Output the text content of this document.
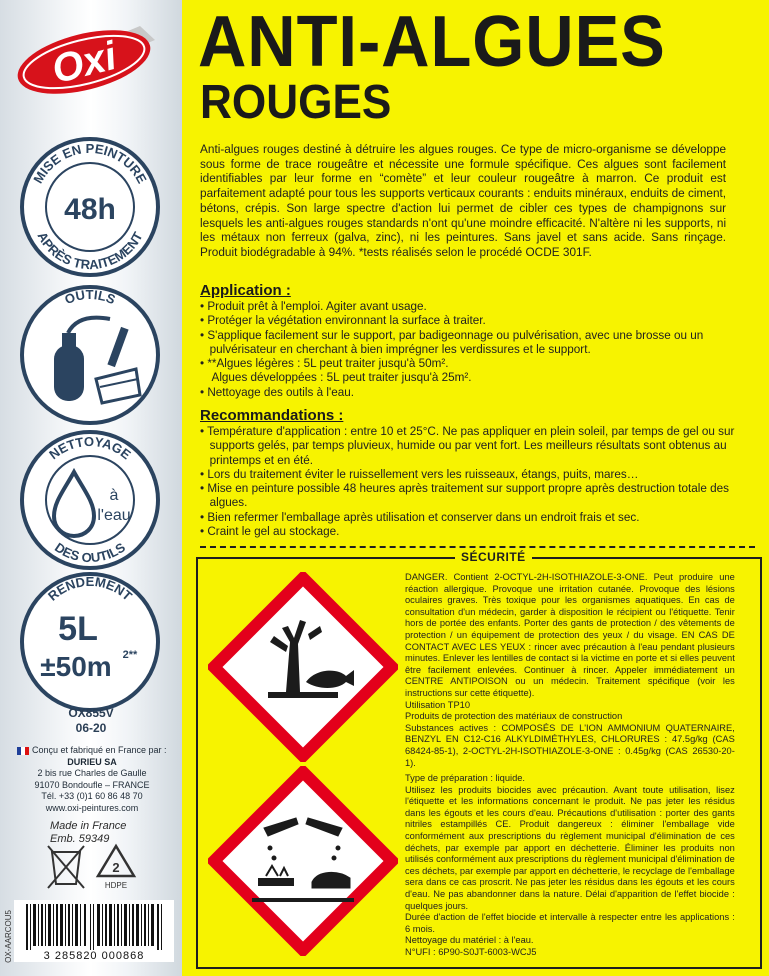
Oxi
MISE EN PEINTURE
APRÈS TRAITEMENT
48h
OUTILS
NETTOYAGE
DES OUTILS
à
l'eau
RENDEMENT
5L
±50m 2**
OX855V
06-20
Conçu et fabriqué en France par :
DURIEU SA
2 bis rue Charles de Gaulle
91070 Bondoufle – FRANCE
Tél. +33 (0)1 60 86 48 70
www.oxi-peintures.com
Made in France
Emb. 59349
2
HDPE
3 285820 000868
OX-AARCOU5
ANTI-ALGUES
ROUGES
Anti-algues rouges destiné à détruire les algues rouges. Ce type de micro-organisme se développe sous forme de trace rougeâtre et nécessite une formule spécifique. Ces algues sont facilement identifiables par leur forme en “comète” et leur couleur rougeâtre à marron. Ce produit est parfaitement adapté pour tous les supports verticaux courants : enduits minéraux, enduits de ciment, bétons, crépis. Son large spectre d'action lui permet de cibler ces types de champignons sur lesquels les anti-algues rouges standards n'ont qu'une moindre efficacité. N'altère ni les supports, ni les métaux non ferreux (galva, zinc), ni les peintures. Sans javel et sans acide. Sans rinçage. Produit biodégradable à 94%. *tests réalisés selon le procédé OCDE 301F.
Application :
• Produit prêt à l'emploi. Agiter avant usage.
• Protéger la végétation environnant la surface à traiter.
• S'applique facilement sur le support, par badigeonnage ou pulvérisation, avec une brosse ou un pulvérisateur en cherchant à bien imprégner les verdissures et le support.
• **Algues légères : 5L peut traiter jusqu'à 50m².
Algues développées : 5L peut traiter jusqu'à 25m².
• Nettoyage des outils à l'eau.
Recommandations :
• Température d'application : entre 10 et 25°C. Ne pas appliquer en plein soleil, par temps de gel ou sur supports gelés, par temps pluvieux, humide ou par vent fort. Les meilleurs résultats sont obtenus au printemps et en été.
• Lors du traitement éviter le ruissellement vers les ruisseaux, étangs, puits, mares…
• Mise en peinture possible 48 heures après traitement sur support propre après destruction totale des algues.
• Bien refermer l'emballage après utilisation et conserver dans un endroit frais et sec.
• Craint le gel au stockage.
SÉCURITÉ

DANGER. Contient 2-OCTYL-2H-ISOTHIAZOLE-3-ONE. Peut produire une réaction allergique. Provoque une irritation cutanée. Provoque des lésions oculaires graves. Très toxique pour les organismes aquatiques. En cas de consultation d'un médecin, garder à disposition le récipient ou l'étiquette. Tenir hors de portée des enfants. Porter des gants de protection / des vêtements de protection / un équipement de protection des yeux / du visage. EN CAS DE CONTACT AVEC LES YEUX : rincer avec précaution à l'eau pendant plusieurs minutes. Enlever les lentilles de contact si la victime en porte et si elles peuvent être facilement enlevées. Continuer à rincer. Appeler immédiatement un CENTRE ANTIPOISON ou un médecin. Traitement spécifique (voir les instructions sur cette étiquette).

Utilisation TP10

Produits de protection des matériaux de construction

Substances actives : COMPOSÉS DE L'ION AMMONIUM QUATERNAIRE, BENZYL EN C12-C16 ALKYLDIMÉTHYLES, CHLORURES : 47.5g/kg (CAS 68424-85-1), 2-OCTYL-2H-ISOTHIAZOLE-3-ONE : 0.45g/kg (CAS 26530-20-1).

Type de préparation : liquide.

Utilisez les produits biocides avec précaution. Avant toute utilisation, lisez l'étiquette et les informations concernant le produit. Ne pas jeter les résidus dans les égouts et les cours d'eau. Précautions d'utilisation : porter des gants nitriles estampillés CE. Produit dangereux : éliminer l'emballage vide conformément aux prescriptions du règlement municipal d'élimination de ces déchets, par exemple par apport en déchetterie. Éliminer les produits non utilisés conformément aux prescriptions du règlement municipal d'élimination de ces déchets, par exemple par apport en déchetterie, le recyclage de l'emballage sera dans ce cas proscrit. Ne pas jeter les résidus dans les égouts et les cours d'eau. Ne pas abandonner dans la nature. Délai d'apparition de l'effet biocide : quelques jours.

Durée d'action de l'effet biocide et intervalle à respecter entre les applications : 6 mois.

Nettoyage du matériel : à l'eau.

N°UFI : 6P90-S0JT-6003-WCJ5
